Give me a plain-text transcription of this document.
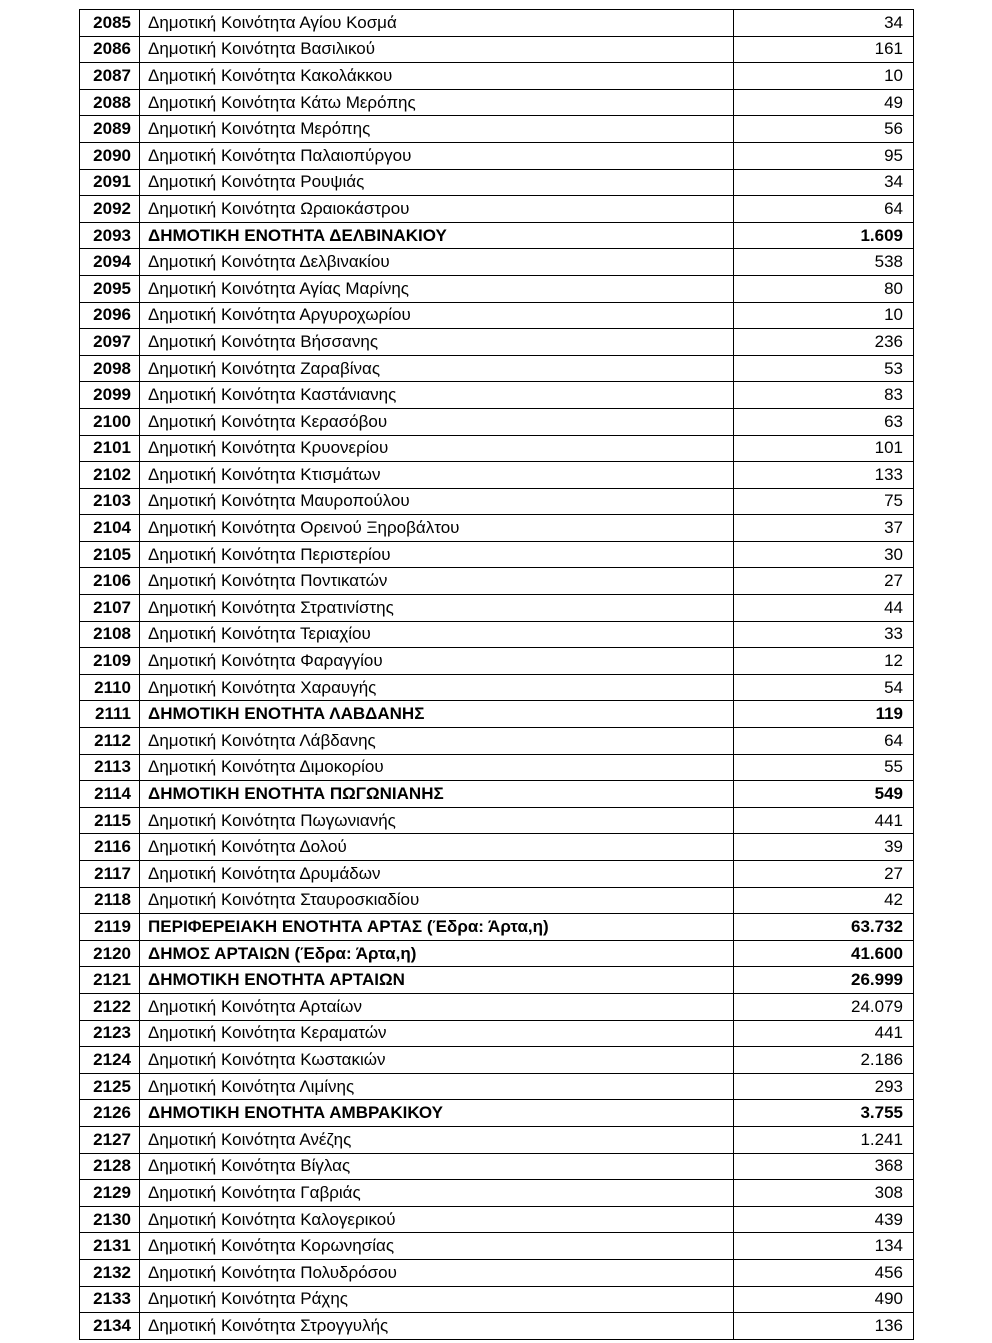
2085	Δημοτική Κοινότητα Αγίου Κοσμά	34
2086	Δημοτική Κοινότητα Βασιλικού	161
2087	Δημοτική Κοινότητα Κακολάκκου	10
2088	Δημοτική Κοινότητα Κάτω Μερόπης	49
2089	Δημοτική Κοινότητα Μερόπης	56
2090	Δημοτική Κοινότητα Παλαιοπύργου	95
2091	Δημοτική Κοινότητα Ρουψιάς	34
2092	Δημοτική Κοινότητα Ωραιοκάστρου	64
2093	ΔΗΜΟΤΙΚΗ ΕΝΟΤΗΤΑ ΔΕΛΒΙΝΑΚΙΟΥ	1.609
2094	Δημοτική Κοινότητα Δελβινακίου	538
2095	Δημοτική Κοινότητα Αγίας Μαρίνης	80
2096	Δημοτική Κοινότητα Αργυροχωρίου	10
2097	Δημοτική Κοινότητα Βήσσανης	236
2098	Δημοτική Κοινότητα Ζαραβίνας	53
2099	Δημοτική Κοινότητα Καστάνιανης	83
2100	Δημοτική Κοινότητα Κερασόβου	63
2101	Δημοτική Κοινότητα Κρυονερίου	101
2102	Δημοτική Κοινότητα Κτισμάτων	133
2103	Δημοτική Κοινότητα Μαυροπούλου	75
2104	Δημοτική Κοινότητα Ορεινού Ξηροβάλτου	37
2105	Δημοτική Κοινότητα Περιστερίου	30
2106	Δημοτική Κοινότητα Ποντικατών	27
2107	Δημοτική Κοινότητα Στρατινίστης	44
2108	Δημοτική Κοινότητα Τεριαχίου	33
2109	Δημοτική Κοινότητα Φαραγγίου	12
2110	Δημοτική Κοινότητα Χαραυγής	54
2111	ΔΗΜΟΤΙΚΗ ΕΝΟΤΗΤΑ ΛΑΒΔΑΝΗΣ	119
2112	Δημοτική Κοινότητα Λάβδανης	64
2113	Δημοτική Κοινότητα Διμοκορίου	55
2114	ΔΗΜΟΤΙΚΗ ΕΝΟΤΗΤΑ ΠΩΓΩΝΙΑΝΗΣ	549
2115	Δημοτική Κοινότητα Πωγωνιανής	441
2116	Δημοτική Κοινότητα Δολού	39
2117	Δημοτική Κοινότητα Δρυμάδων	27
2118	Δημοτική Κοινότητα Σταυροσκιαδίου	42
2119	ΠΕΡΙΦΕΡΕΙΑΚΗ ΕΝΟΤΗΤΑ ΑΡΤΑΣ (Έδρα: Άρτα,η)	63.732
2120	ΔΗΜΟΣ ΑΡΤΑΙΩΝ (Έδρα: Άρτα,η)	41.600
2121	ΔΗΜΟΤΙΚΗ ΕΝΟΤΗΤΑ ΑΡΤΑΙΩΝ	26.999
2122	Δημοτική Κοινότητα Αρταίων	24.079
2123	Δημοτική Κοινότητα Κεραματών	441
2124	Δημοτική Κοινότητα Κωστακιών	2.186
2125	Δημοτική Κοινότητα Λιμίνης	293
2126	ΔΗΜΟΤΙΚΗ ΕΝΟΤΗΤΑ ΑΜΒΡΑΚΙΚΟΥ	3.755
2127	Δημοτική Κοινότητα Ανέζης	1.241
2128	Δημοτική Κοινότητα Βίγλας	368
2129	Δημοτική Κοινότητα Γαβριάς	308
2130	Δημοτική Κοινότητα Καλογερικού	439
2131	Δημοτική Κοινότητα Κορωνησίας	134
2132	Δημοτική Κοινότητα Πολυδρόσου	456
2133	Δημοτική Κοινότητα Ράχης	490
2134	Δημοτική Κοινότητα Στρογγυλής	136
